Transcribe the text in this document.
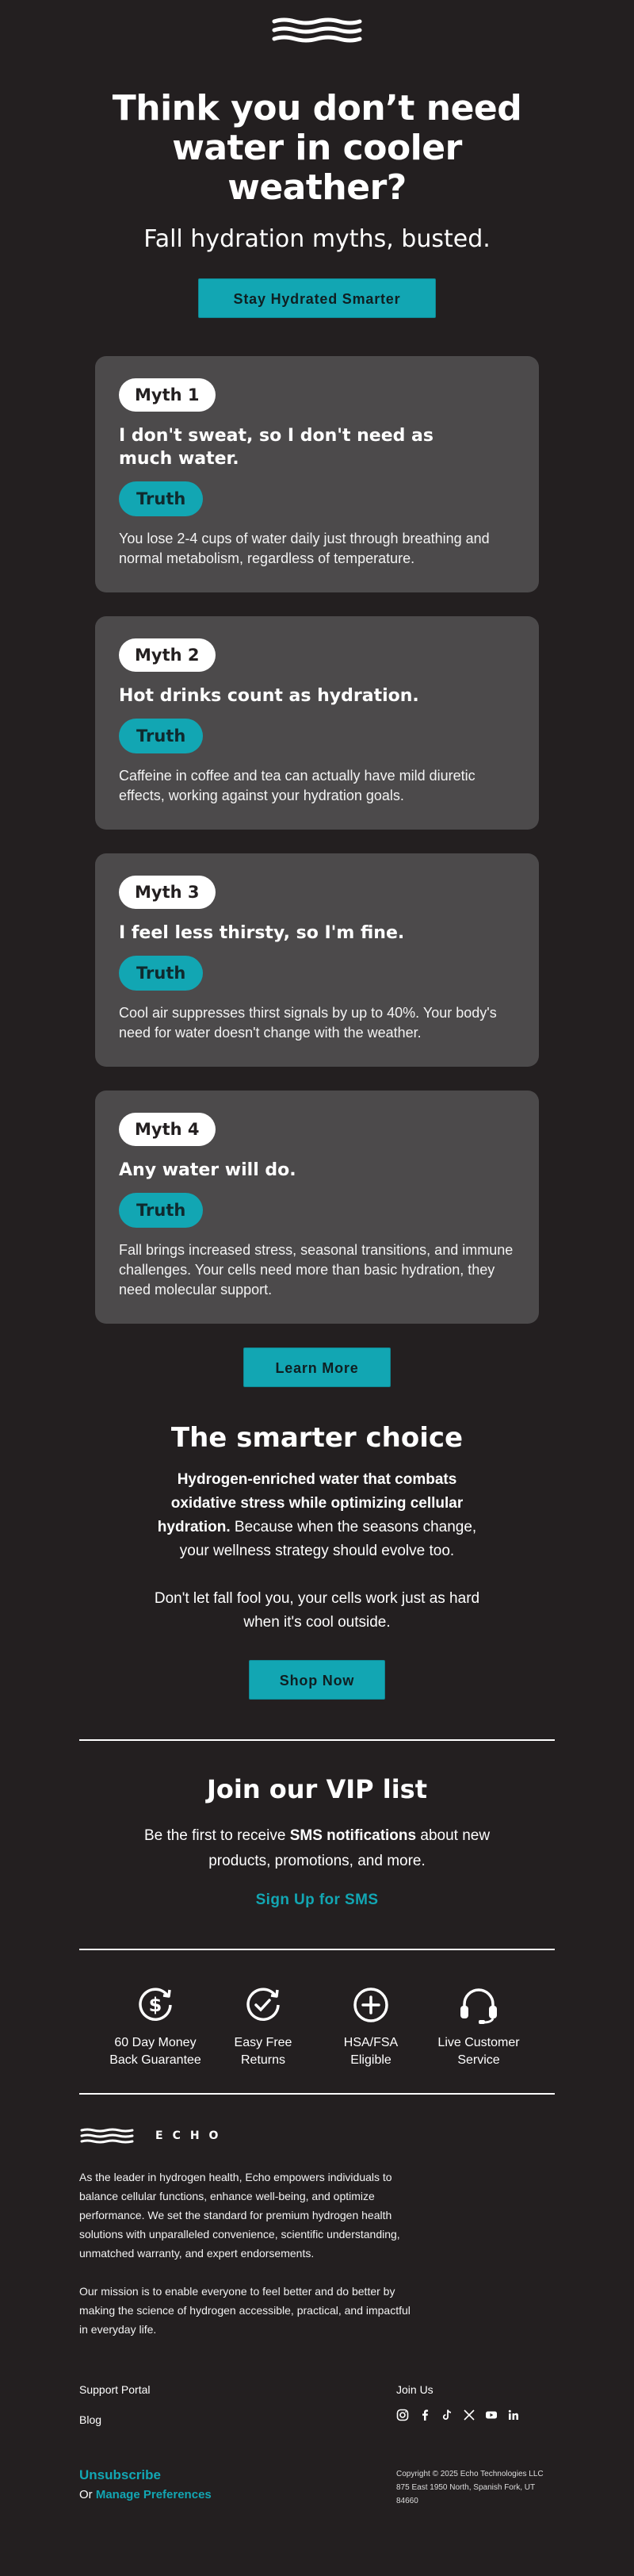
Think you don’t need water in cooler weather?

Fall hydration myths, busted.

Stay Hydrated Smarter
Myth 1

I don't sweat, so I don't need as much water.

Truth

You lose 2-4 cups of water daily just through breathing and normal metabolism, regardless of temperature.

Myth 2

Hot drinks count as hydration.

Truth

Caffeine in coffee and tea can actually have mild diuretic effects, working against your hydration goals.

Myth 3

I feel less thirsty, so I'm fine.

Truth

Cool air suppresses thirst signals by up to 40%. Your body's need for water doesn't change with the weather.

Myth 4

Any water will do.

Truth

Fall brings increased stress, seasonal transitions, and immune challenges. Your cells need more than basic hydration, they need molecular support.

Learn More
The smarter choice

Hydrogen-enriched water that combats oxidative stress while optimizing cellular hydration. Because when the seasons change, your wellness strategy should evolve too.

Don't let fall fool you, your cells work just as hard when it's cool outside.

Shop Now
Join our VIP list

Be the first to receive SMS notifications about new products, promotions, and more.

Sign Up for SMS
$
60 Day Money
Back Guarantee
Easy Free
Returns
HSA/FSA
Eligible
Live Customer
Service
ECHO

As the leader in hydrogen health, Echo empowers individuals to balance cellular functions, enhance well-being, and optimize performance. We set the standard for premium hydrogen health solutions with unparalleled convenience, scientific understanding, unmatched warranty, and expert endorsements.

Our mission is to enable everyone to feel better and do better by making the science of hydrogen accessible, practical, and impactful in everyday life.

Support Portal
Blog
Join Us
Unsubscribe
Or Manage Preferences
Copyright © 2025 Echo Technologies LLC
875 East 1950 North, Spanish Fork, UT 84660
